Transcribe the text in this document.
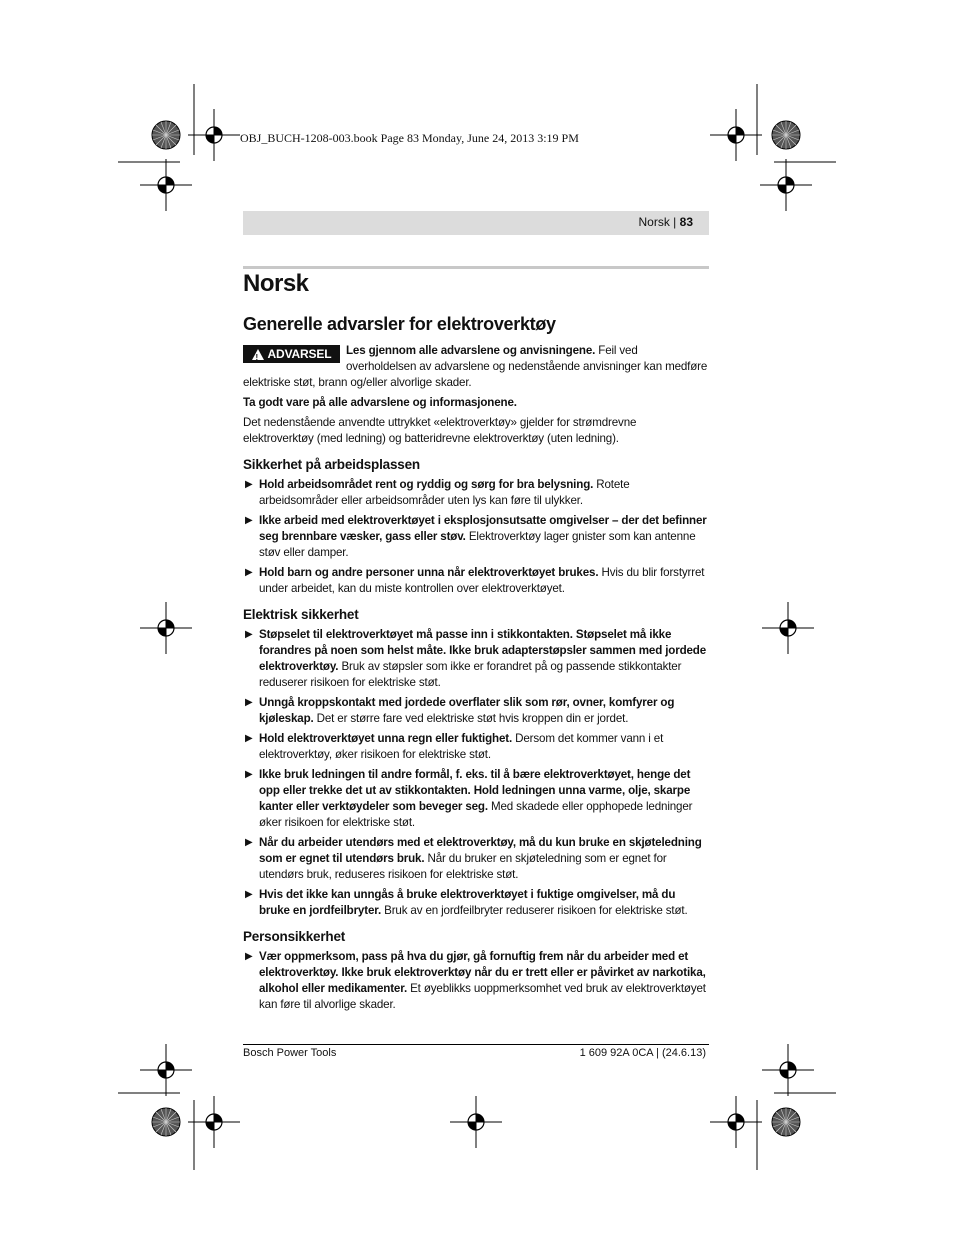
OBJ_BUCH-1208-003.book Page 83 Monday, June 24, 2013 3:19 PM
Norsk | 83
Norsk
Generelle advarsler for elektroverktøy
! ADVARSEL	Les gjennom alle advarslene og anvisningene. Feil ved overholdelsen av advarslene og nedenstående anvisninger kan medføre elektriske støt, brann og/eller alvorlige skader.
Ta godt vare på alle advarslene og informasjonene.
Det nedenstående anvendte uttrykket «elektroverktøy» gjelder for strømdrevne elektroverktøy (med ledning) og batteridrevne elektroverktøy (uten ledning).
Sikkerhet på arbeidsplassen
▶ Hold arbeidsområdet rent og ryddig og sørg for bra belysning. Rotete arbeidsområder eller arbeidsområder uten lys kan føre til ulykker.
▶ Ikke arbeid med elektroverktøyet i eksplosjonsutsatte omgivelser – der det befinner seg brennbare væsker, gass eller støv. Elektroverktøy lager gnister som kan antenne støv eller damper.
▶ Hold barn og andre personer unna når elektroverktøyet brukes. Hvis du blir forstyrret under arbeidet, kan du miste kontrollen over elektroverktøyet.
Elektrisk sikkerhet
▶ Støpselet til elektroverktøyet må passe inn i stikkontakten. Støpselet må ikke forandres på noen som helst måte. Ikke bruk adapterstøpsler sammen med jordede elektroverktøy. Bruk av støpsler som ikke er forandret på og passende stikkontakter reduserer risikoen for elektriske støt.
▶ Unngå kroppskontakt med jordede overflater slik som rør, ovner, komfyrer og kjøleskap. Det er større fare ved elektriske støt hvis kroppen din er jordet.
▶ Hold elektroverktøyet unna regn eller fuktighet. Dersom det kommer vann i et elektroverktøy, øker risikoen for elektriske støt.
▶ Ikke bruk ledningen til andre formål, f. eks. til å bære elektroverktøyet, henge det opp eller trekke det ut av stikkontakten. Hold ledningen unna varme, olje, skarpe kanter eller verktøydeler som beveger seg. Med skadede eller opphopede ledninger øker risikoen for elektriske støt.
▶ Når du arbeider utendørs med et elektroverktøy, må du kun bruke en skjøteledning som er egnet til utendørs bruk. Når du bruker en skjøteledning som er egnet for utendørs bruk, reduseres risikoen for elektriske støt.
▶ Hvis det ikke kan unngås å bruke elektroverktøyet i fuktige omgivelser, må du bruke en jordfeilbryter. Bruk av en jordfeilbryter reduserer risikoen for elektriske støt.
Personsikkerhet
▶ Vær oppmerksom, pass på hva du gjør, gå fornuftig frem når du arbeider med et elektroverktøy. Ikke bruk elektroverktøy når du er trett eller er påvirket av narkotika, alkohol eller medikamenter. Et øyeblikks uoppmerksomhet ved bruk av elektroverktøyet kan føre til alvorlige skader.
Bosch Power Tools	1 609 92A 0CA | (24.6.13)
